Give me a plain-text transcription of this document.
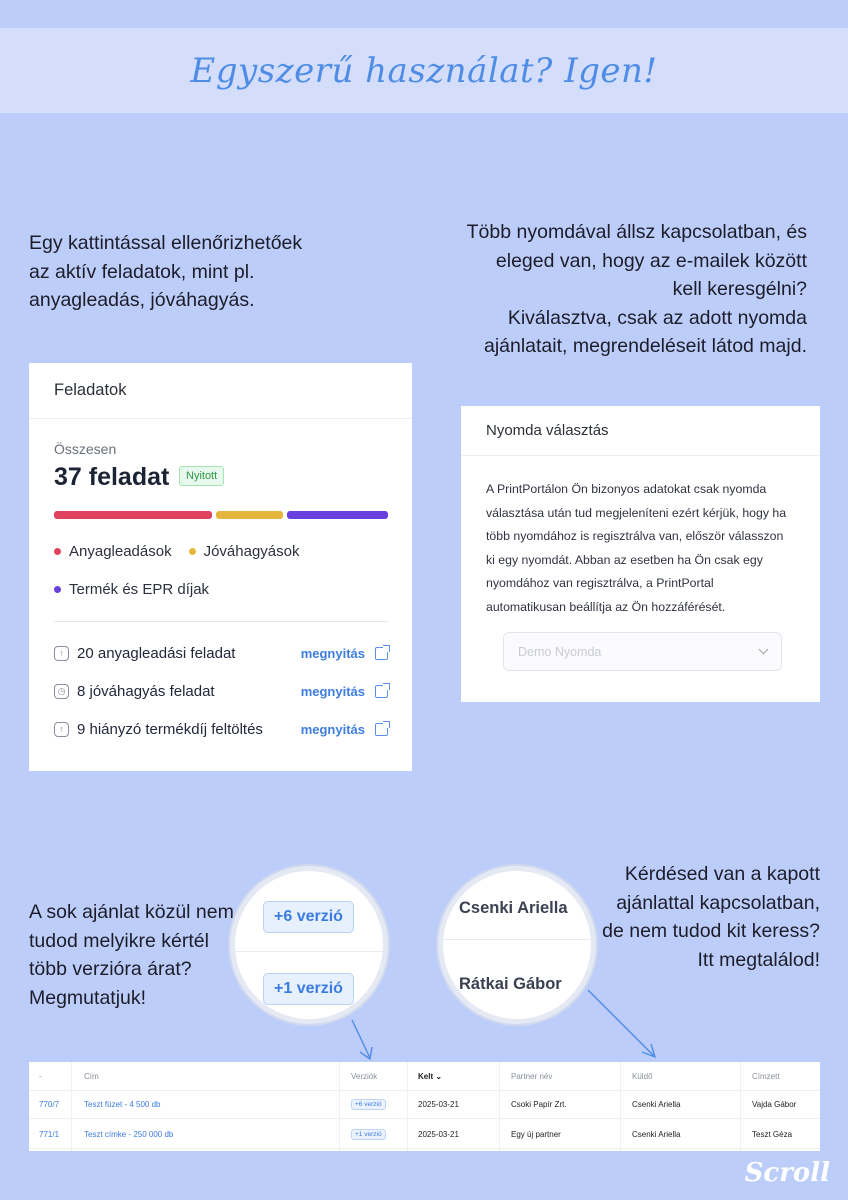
Egyszerű használat? Igen!
Egy kattintással ellenőrizhetőek
az aktív feladatok, mint pl.
anyagleadás, jóváhagyás.
Több nyomdával állsz kapcsolatban, és
eleged van, hogy az e-mailek között
kell keresgélni?
Kiválasztva, csak az adott nyomda
ajánlatait, megrendeléseit látod majd.
Feladatok
Összesen
37 feladat	Nyitott
Anyagleadások Jóváhagyások
Termék és EPR díjak
↑ 20 anyagleadási feladat	megnyitás
◷ 8 jóváhagyás feladat	megnyitás
↑ 9 hiányzó termékdíj feltöltés	megnyitás
Nyomda választás
A PrintPortálon Ön bizonyos adatokat csak nyomda
választása után tud megjeleníteni ezért kérjük, hogy ha
több nyomdához is regisztrálva van, először válasszon
ki egy nyomdát. Abban az esetben ha Ön csak egy
nyomdához van regisztrálva, a PrintPortal
automatikusan beállítja az Ön hozzáférését.
Demo Nyomda
A sok ajánlat közül nem
tudod melyikre kértél
több verzióra árat?
Megmutatjuk!
Kérdésed van a kapott
ajánlattal kapcsolatban,
de nem tudod kit keress?
Itt megtalálod!
+6 verzió
+1 verzió
Csenki Ariella
Rátkai Gábor
-	Cím	Verziók	Kelt ⌄	Partner név	Küldő	Címzett
770/7	Teszt füzet - 4 500 db	+6 verzió	2025-03-21	Csoki Papír Zrt.	Csenki Ariella	Vajda Gábor
771/1	Teszt címke - 250 000 db	+1 verzió	2025-03-21	Egy új partner	Csenki Ariella	Teszt Géza
Scroll
